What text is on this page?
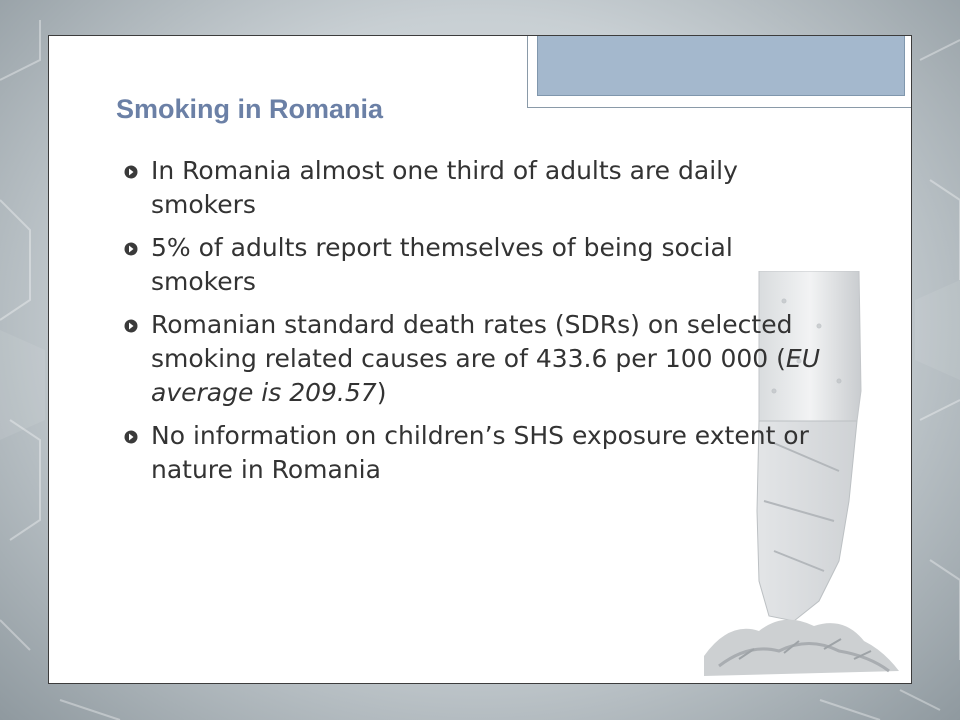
Smoking in Romania
In Romania almost one third of adults are daily smokers
5% of adults report themselves of being social smokers
Romanian standard death rates (SDRs) on selected smoking related causes are of 433.6 per 100 000 (EU average is 209.57)
No information on children’s SHS exposure extent or nature in Romania
